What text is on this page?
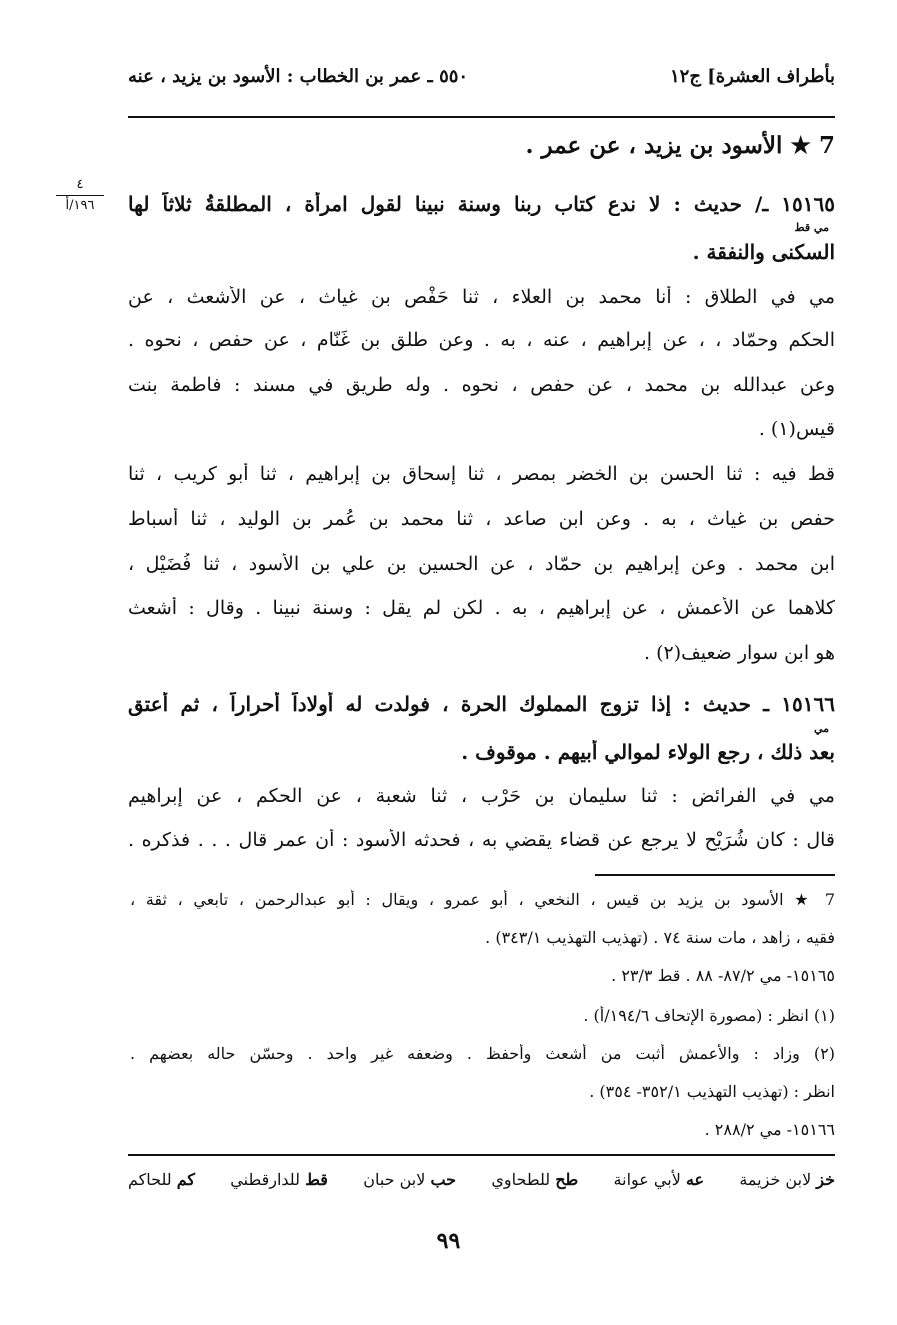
بأطراف العشرة] ج١٢
٥٥٠ ـ عمر بن الخطاب : الأسود بن يزيد ، عنه
7 ★ الأسود بن يزيد ، عن عمر .
٤
١٩٦/أ
مي قط
مي
١٥١٦٥ ـ/ حديث : لا ندع كتاب ربنا وسنة نبينا لقول امرأة ، المطلقةُ ثلاثاً لها
السكنى والنفقة .
مي في الطلاق : أنا محمد بن العلاء ، ثنا حَفْص بن غياث ، عن الأشعث ، عن
الحكم وحمّاد ، ، عن إبراهيم ، عنه ، به . وعن طلق بن غَنّام ، عن حفص ، نحوه .
وعن عبدالله بن محمد ، عن حفص ، نحوه . وله طريق في مسند : فاطمة بنت
قيس(١) .
قط فيه : ثنا الحسن بن الخضر بمصر ، ثنا إسحاق بن إبراهيم ، ثنا أبو كريب ، ثنا
حفص بن غياث ، به . وعن ابن صاعد ، ثنا محمد بن عُمر بن الوليد ، ثنا أسباط
ابن محمد . وعن إبراهيم بن حمّاد ، عن الحسين بن علي بن الأسود ، ثنا فُضَيْل ،
كلاهما عن الأعمش ، عن إبراهيم ، به . لكن لم يقل : وسنة نبينا . وقال : أشعث
هو ابن سوار ضعيف(٢) .
١٥١٦٦ ـ حديث : إذا تزوج المملوك الحرة ، فولدت له أولاداً أحراراً ، ثم أعتق
بعد ذلك ، رجع الولاء لموالي أبيهم . موقوف .
مي في الفرائض : ثنا سليمان بن حَرْب ، ثنا شعبة ، عن الحكم ، عن إبراهيم
قال : كان شُرَيْح لا يرجع عن قضاء يقضي به ، فحدثه الأسود : أن عمر قال . . . فذكره .
7 ★ الأسود بن يزيد بن قيس ، النخعي ، أبو عمرو ، ويقال : أبو عبدالرحمن ، تابعي ، ثقة ،
فقيه ، زاهد ، مات سنة ٧٤ . (تهذيب التهذيب ٣٤٣/١) .
١٥١٦٥- مي ٨٧/٢- ٨٨ . قط ٢٣/٣ .
(١) انظر : (مصورة الإتحاف ١٩٤/٦/أ) .
(٢) وزاد : والأعمش أثبت من أشعث وأحفظ . وضعفه غير واحد . وحسّن حاله بعضهم .
انظر : (تهذيب التهذيب ٣٥٢/١- ٣٥٤) .
١٥١٦٦- مي ٢٨٨/٢ .
خز لابن خزيمة
عه لأبي عوانة
طح للطحاوي
حب لابن حبان
قط للدارقطني
كم للحاكم
٩٩
